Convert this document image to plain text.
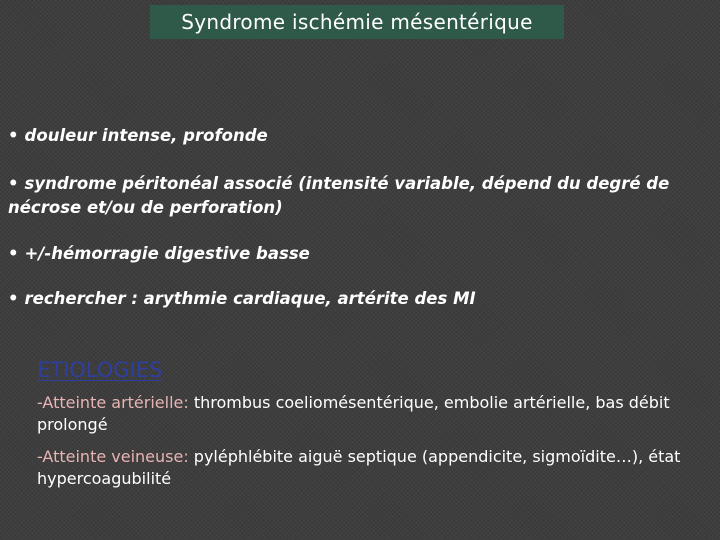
Syndrome ischémie mésentérique
• douleur intense, profonde
• syndrome péritonéal associé (intensité variable, dépend du degré de nécrose et/ou de perforation)
• +/-hémorragie digestive basse
• rechercher : arythmie cardiaque, artérite des MI
ETIOLOGIES
-Atteinte artérielle: thrombus coeliomésentérique, embolie artérielle, bas débit prolongé
-Atteinte veineuse: pyléphlébite aiguë septique (appendicite, sigmoïdite…), état hypercoagubilité
